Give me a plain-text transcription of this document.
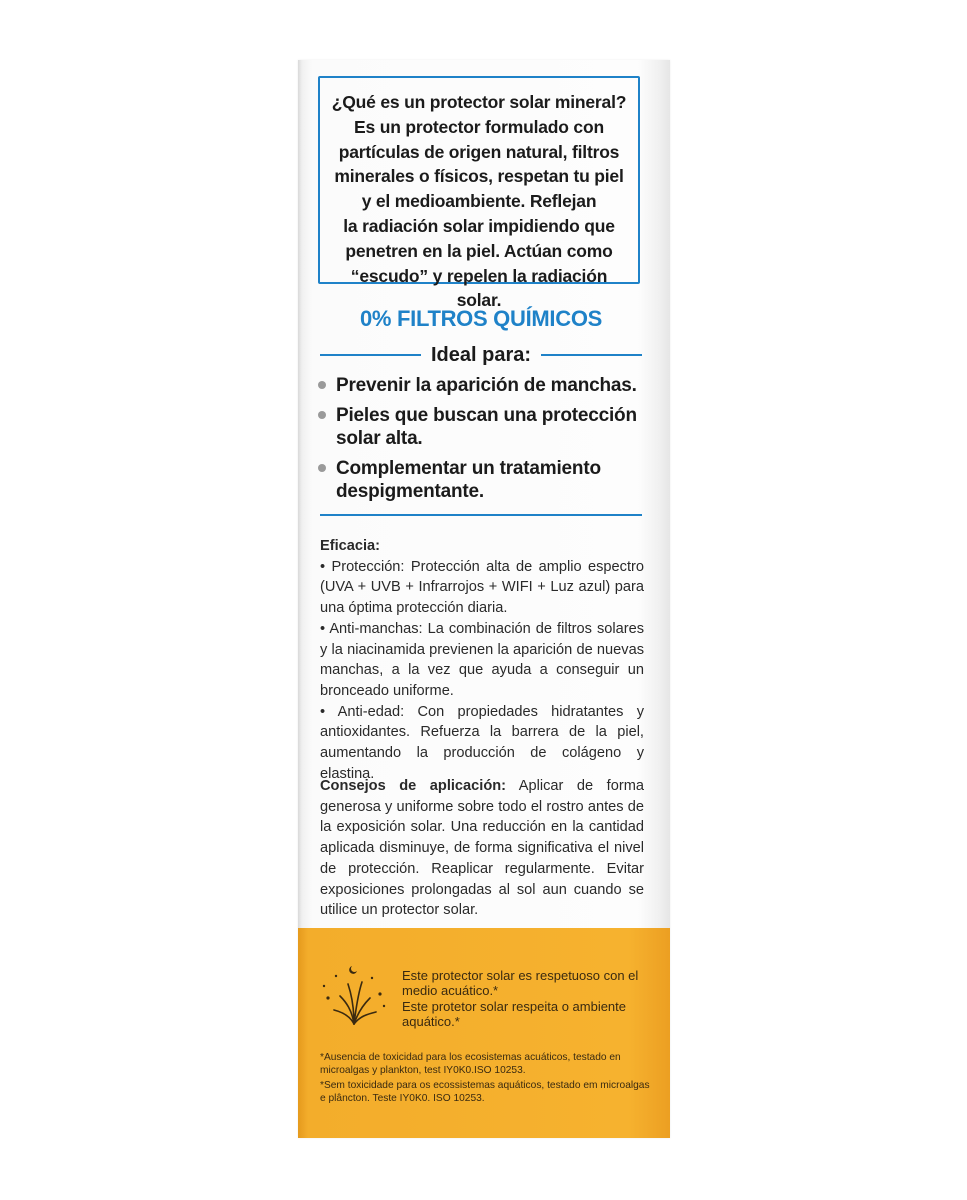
¿Qué es un protector solar mineral?

Es un protector formulado con

partículas de origen natural, filtros

minerales o físicos, respetan tu piel

y el medioambiente. Reflejan

la radiación solar impidiendo que

penetren en la piel. Actúan como

“escudo” y repelen la radiación solar.

0% FILTROS QUÍMICOS
Ideal para:
Prevenir la aparición de manchas.
Pieles que buscan una protección solar alta.
Complementar un tratamiento despigmentante.

Eficacia:

• Protección: Protección alta de amplio espectro (UVA + UVB + Infrarrojos + WIFI + Luz azul) para una óptima protección diaria.

• Anti-manchas: La combinación de filtros solares y la niacinamida previenen la aparición de nuevas manchas, a la vez que ayuda a conseguir un bronceado uniforme.

• Anti-edad: Con propiedades hidratantes y antioxidantes. Refuerza la barrera de la piel, aumentando la producción de colágeno y elastina.

Consejos de aplicación: Aplicar de forma generosa y uniforme sobre todo el rostro antes de la exposición solar. Una reducción en la cantidad aplicada disminuye, de forma significativa el nivel de protección. Reaplicar regularmente. Evitar exposiciones prolongadas al sol aun cuando se utilice un protector solar.

Este protector solar es respetuoso con el medio acuático.*

Este protetor solar respeita o ambiente aquático.*

*Ausencia de toxicidad para los ecosistemas acuáticos, testado en microalgas y plankton, test IY0K0.ISO 10253.
*Sem toxicidade para os ecossistemas aquáticos, testado em microalgas e plâncton. Teste IY0K0. ISO 10253.
